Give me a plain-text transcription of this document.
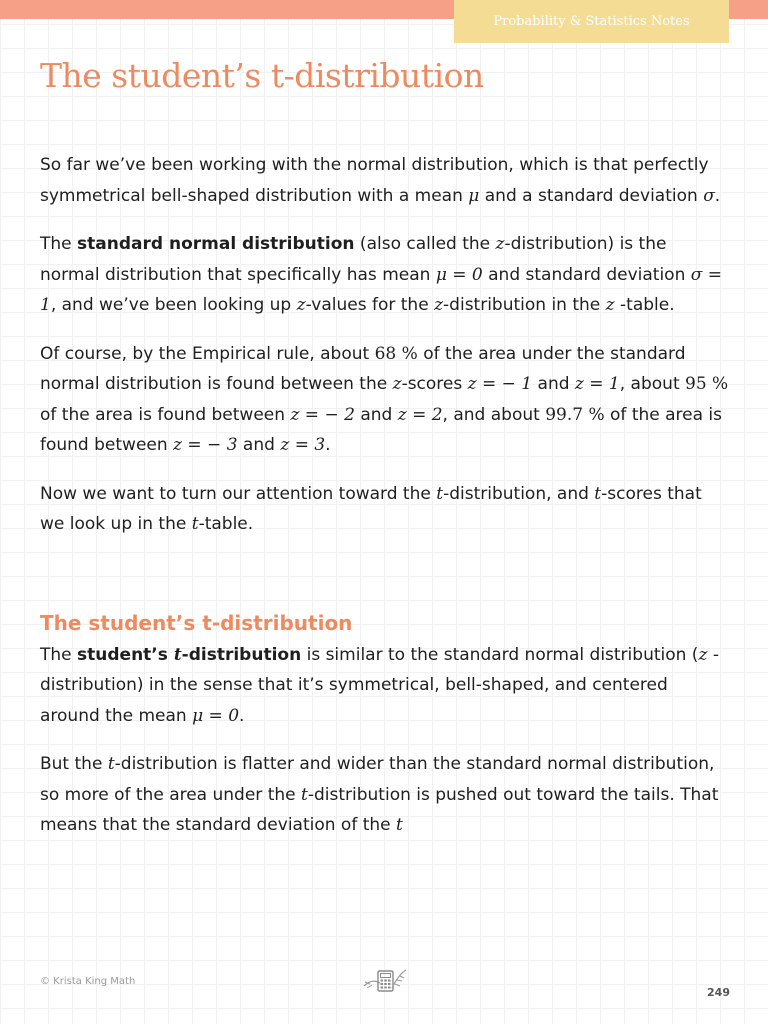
Probability & Statistics Notes
The student’s t-distribution

So far we’ve been working with the normal distribution, which is that perfectly symmetrical bell-shaped distribution with a mean μ and a standard deviation σ.

The standard normal distribution (also called the z-distribution) is the normal distribution that specifically has mean μ = 0 and standard deviation σ = 1, and we’ve been looking up z-values for the z-distribution in the z -table.

Of course, by the Empirical rule, about 68 % of the area under the standard normal distribution is found between the z-scores z = − 1 and z = 1, about 95 % of the area is found between z = − 2 and z = 2, and about 99.7 % of the area is found between z = − 3 and z = 3.

Now we want to turn our attention toward the t-distribution, and t-scores that we look up in the t-table.

The student’s t-distribution

The student’s t-distribution is similar to the standard normal distribution (z -distribution) in the sense that it’s symmetrical, bell-shaped, and centered around the mean μ = 0.

But the t-distribution is flatter and wider than the standard normal distribution, so more of the area under the t-distribution is pushed out toward the tails. That means that the standard deviation of the t

© Krista King Math
249
